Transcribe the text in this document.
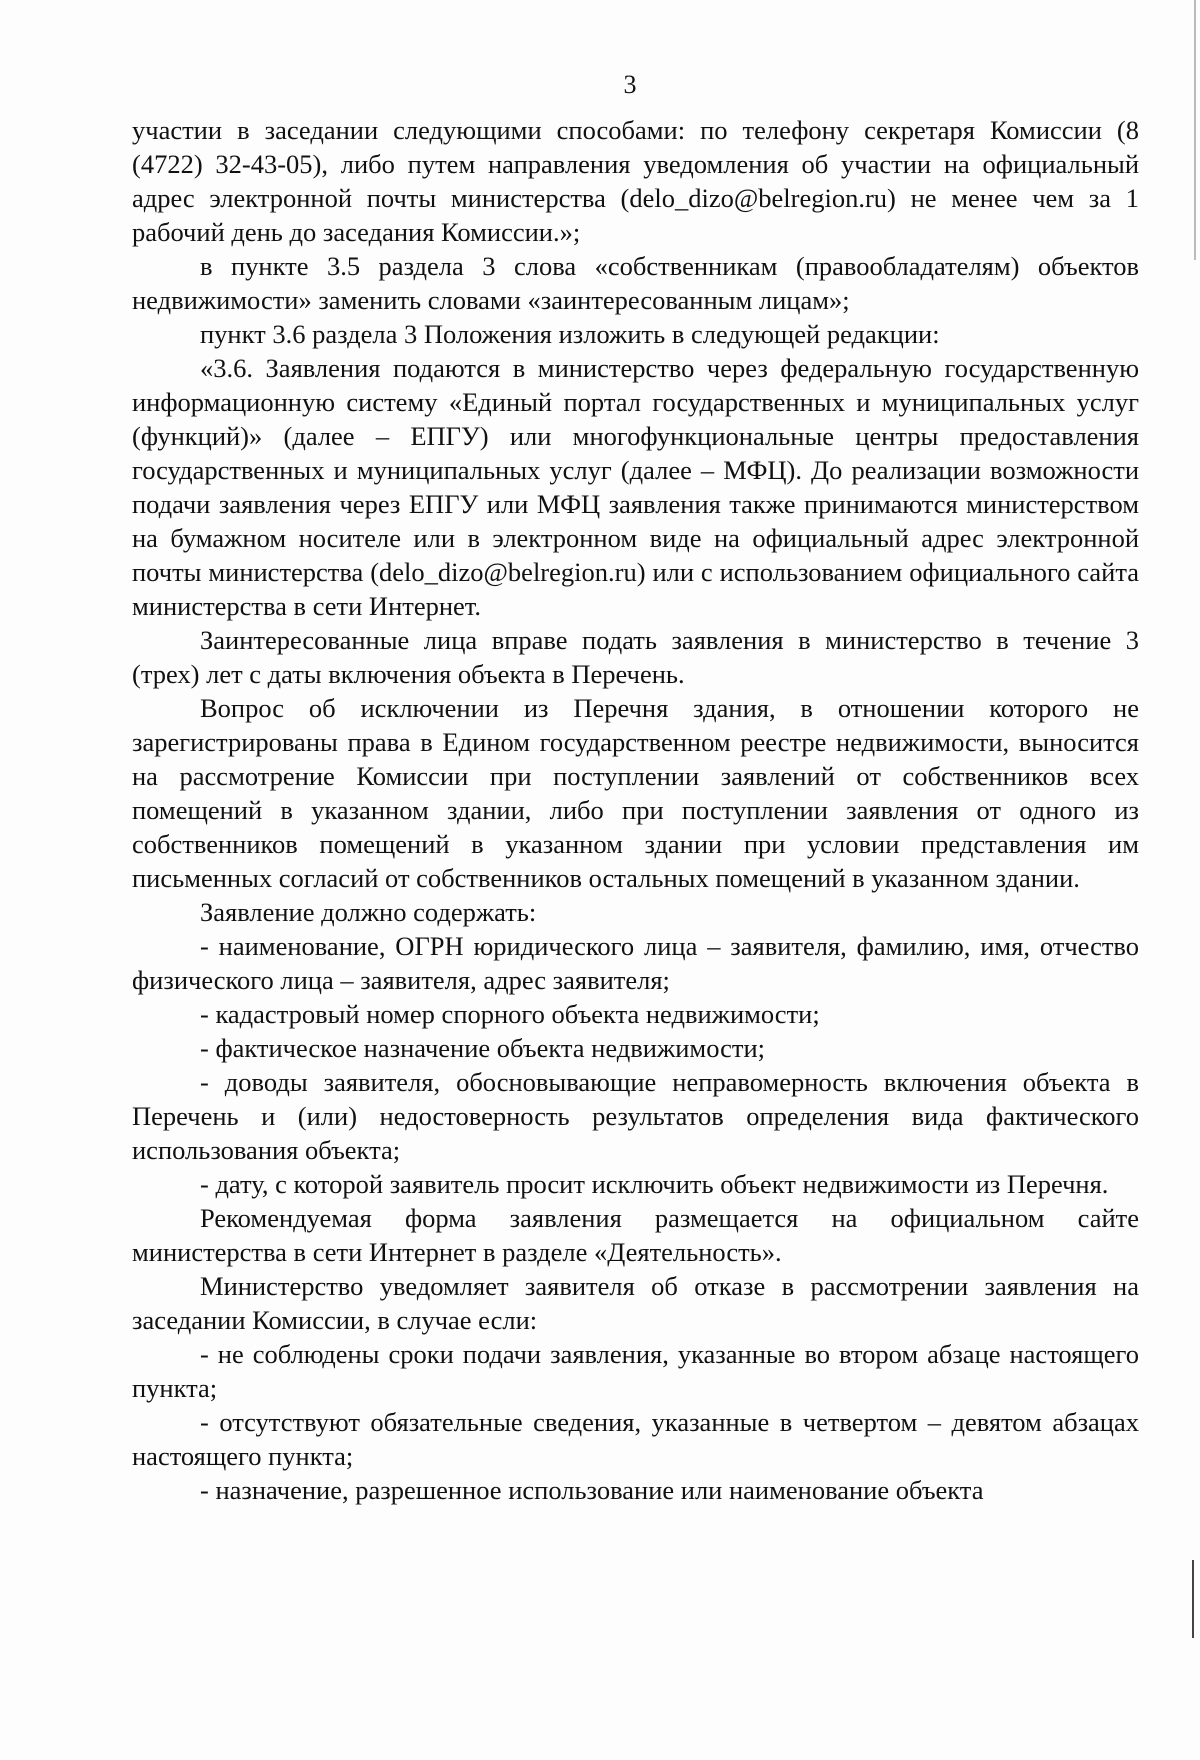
3

участии в заседании следующими способами: по телефону секретаря Комиссии (8 (4722) 32-43-05), либо путем направления уведомления об участии на официальный адрес электронной почты министерства (delo_dizo@belregion.ru) не менее чем за 1 рабочий день до заседания Комиссии.»;

в пункте 3.5 раздела 3 слова «собственникам (правообладателям) объектов недвижимости» заменить словами «заинтересованным лицам»;

пункт 3.6 раздела 3 Положения изложить в следующей редакции:

«3.6. Заявления подаются в министерство через федеральную государственную информационную систему «Единый портал государственных и муниципальных услуг (функций)» (далее – ЕПГУ) или многофункциональные центры предоставления государственных и муниципальных услуг (далее – МФЦ). До реализации возможности подачи заявления через ЕПГУ или МФЦ заявления также принимаются министерством на бумажном носителе или в электронном виде на официальный адрес электронной почты министерства (delo_dizo@belregion.ru) или с использованием официального сайта министерства в сети Интернет.

Заинтересованные лица вправе подать заявления в министерство в течение 3 (трех) лет с даты включения объекта в Перечень.

Вопрос об исключении из Перечня здания, в отношении которого не зарегистрированы права в Едином государственном реестре недвижимости, выносится на рассмотрение Комиссии при поступлении заявлений от собственников всех помещений в указанном здании, либо при поступлении заявления от одного из собственников помещений в указанном здании при условии представления им письменных согласий от собственников остальных помещений в указанном здании.

Заявление должно содержать:

- наименование, ОГРН юридического лица – заявителя, фамилию, имя, отчество физического лица – заявителя, адрес заявителя;

- кадастровый номер спорного объекта недвижимости;

- фактическое назначение объекта недвижимости;

- доводы заявителя, обосновывающие неправомерность включения объекта в Перечень и (или) недостоверность результатов определения вида фактического использования объекта;

- дату, с которой заявитель просит исключить объект недвижимости из Перечня.

Рекомендуемая форма заявления размещается на официальном сайте министерства в сети Интернет в разделе «Деятельность».

Министерство уведомляет заявителя об отказе в рассмотрении заявления на заседании Комиссии, в случае если:

- не соблюдены сроки подачи заявления, указанные во втором абзаце настоящего пункта;

- отсутствуют обязательные сведения, указанные в четвертом – девятом абзацах настоящего пункта;

- назначение, разрешенное использование или наименование объекта
